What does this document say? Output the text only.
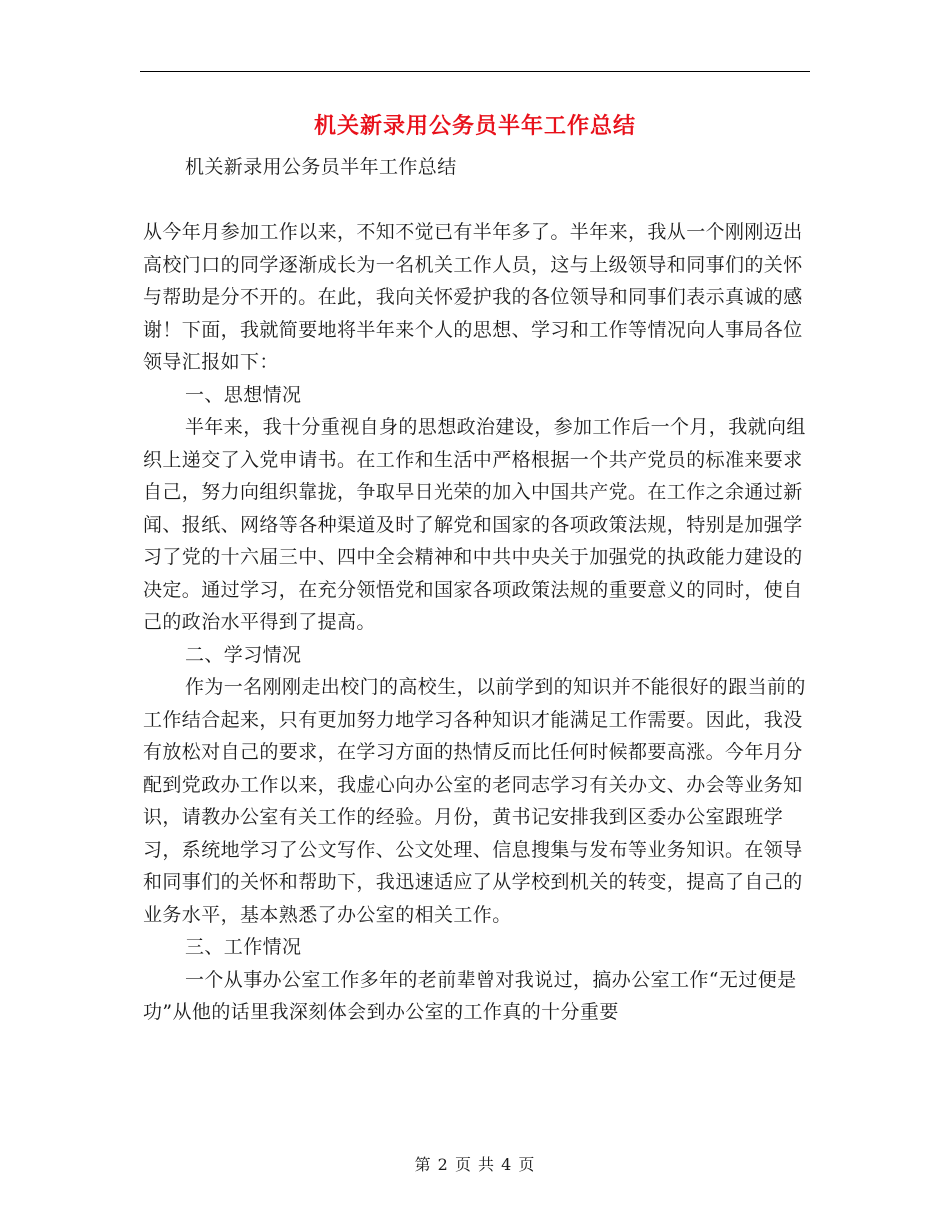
机关新录用公务员半年工作总结

机关新录用公务员半年工作总结

从今年月参加工作以来，不知不觉已有半年多了。半年来，我从一个刚刚迈出高校门口的同学逐渐成长为一名机关工作人员，这与上级领导和同事们的关怀与帮助是分不开的。在此，我向关怀爱护我的各位领导和同事们表示真诚的感谢！下面，我就简要地将半年来个人的思想、学习和工作等情况向人事局各位领导汇报如下：

一、思想情况

半年来，我十分重视自身的思想政治建设，参加工作后一个月，我就向组织上递交了入党申请书。在工作和生活中严格根据一个共产党员的标准来要求自己，努力向组织靠拢，争取早日光荣的加入中国共产党。在工作之余通过新闻、报纸、网络等各种渠道及时了解党和国家的各项政策法规，特别是加强学习了党的十六届三中、四中全会精神和中共中央关于加强党的执政能力建设的决定。通过学习，在充分领悟党和国家各项政策法规的重要意义的同时，使自己的政治水平得到了提高。

二、学习情况

作为一名刚刚走出校门的高校生，以前学到的知识并不能很好的跟当前的工作结合起来，只有更加努力地学习各种知识才能满足工作需要。因此，我没有放松对自己的要求，在学习方面的热情反而比任何时候都要高涨。今年月分配到党政办工作以来，我虚心向办公室的老同志学习有关办文、办会等业务知识，请教办公室有关工作的经验。月份，黄书记安排我到区委办公室跟班学习，系统地学习了公文写作、公文处理、信息搜集与发布等业务知识。在领导和同事们的关怀和帮助下，我迅速适应了从学校到机关的转变，提高了自己的业务水平，基本熟悉了办公室的相关工作。

三、工作情况

一个从事办公室工作多年的老前辈曾对我说过，搞办公室工作“无过便是功”从他的话里我深刻体会到办公室的工作真的十分重要

第 2 页 共 4 页
